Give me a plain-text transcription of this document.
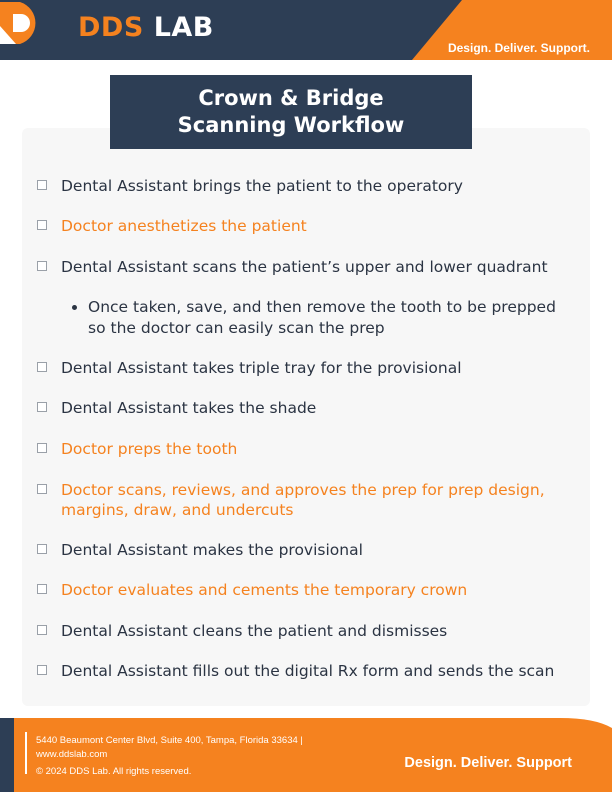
DDS LAB
Design. Deliver. Support.
Crown & Bridge
Scanning Workflow
Dental Assistant brings the patient to the operatory
Doctor anesthetizes the patient
Dental Assistant scans the patient’s upper and lower quadrant
Once taken, save, and then remove the tooth to be prepped
so the doctor can easily scan the prep
Dental Assistant takes triple tray for the provisional
Dental Assistant takes the shade
Doctor preps the tooth
Doctor scans, reviews, and approves the prep for prep design,
margins, draw, and undercuts
Dental Assistant makes the provisional
Doctor evaluates and cements the temporary crown
Dental Assistant cleans the patient and dismisses
Dental Assistant fills out the digital Rx form and sends the scan
5440 Beaumont Center Blvd, Suite 400, Tampa, Florida 33634 |
www.ddslab.com
© 2024 DDS Lab. All rights reserved.
Design. Deliver. Support
